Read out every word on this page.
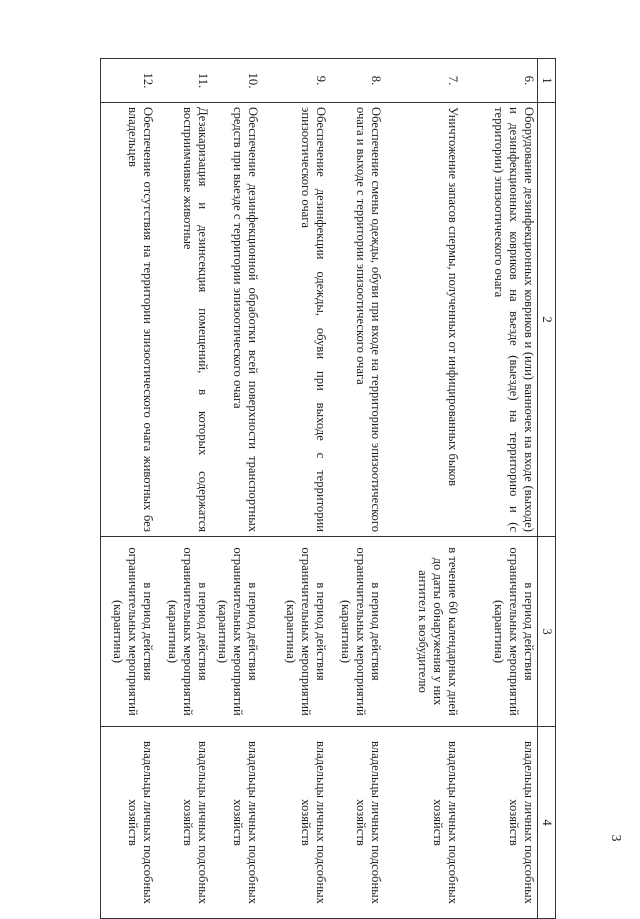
3
1	2	3	4
6.	Оборудование дезинфекционных ковриков и (или) ванночек на входе (выходе) и дезинфекционных ковриков на въезде (выезде) на территорию и (с территории) эпизоотического очага	в период действия ограничительных мероприятий (карантина)	владельцы личных подсобных хозяйств
7.	Уничтожение запасов спермы, полученных от инфицированных быков	в течение 60 календарных дней до даты обнаружения у них антител к возбудителю	владельцы личных подсобных хозяйств
8.	Обеспечение смены одежды, обуви при входе на территорию эпизоотического очага и выходе с территории эпизоотического очага	в период действия ограничительных мероприятий (карантина)	владельцы личных подсобных хозяйств
9.	Обеспечение дезинфекции одежды, обуви при выходе с территории эпизоотического очага	в период действия ограничительных мероприятий (карантина)	владельцы личных подсобных хозяйств
10.	Обеспечение дезинфекционной обработки всей поверхности транспортных средств при выезде с территории эпизоотического очага	в период действия ограничительных мероприятий (карантина)	владельцы личных подсобных хозяйств
11.	Дезакаризация и дезинсекция помещений, в которых содержатся восприимчивые животные	в период действия ограничительных мероприятий (карантина)	владельцы личных подсобных хозяйств
12.	Обеспечение отсутствия на территории эпизоотического очага животных без владельцев	в период действия ограничительных мероприятий (карантина)	владельцы личных подсобных хозяйств
